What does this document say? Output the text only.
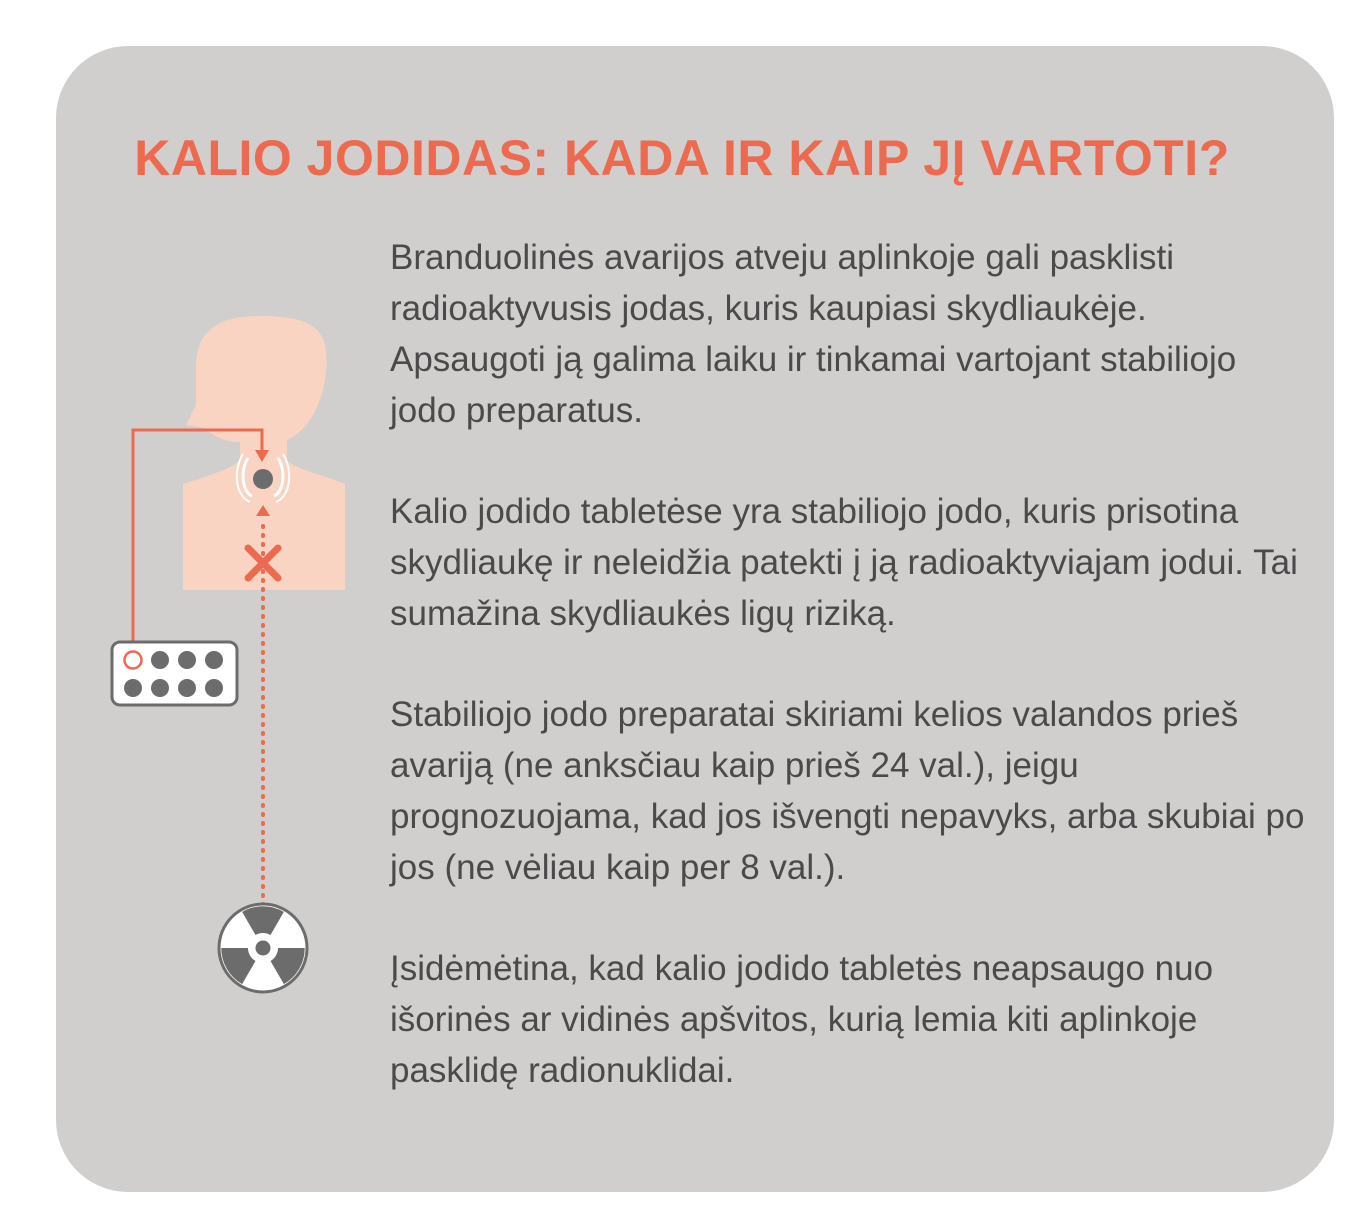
KALIO JODIDAS: KADA IR KAIP JĮ VARTOTI?

Branduolinės avarijos atveju aplinkoje gali pasklisti radioaktyvusis jodas, kuris kaupiasi skydliaukėje. Apsaugoti ją galima laiku ir tinkamai vartojant stabiliojo jodo preparatus.

Kalio jodido tabletėse yra stabiliojo jodo, kuris prisotina skydliaukę ir neleidžia patekti į ją radioaktyviajam jodui. Tai sumažina skydliaukės ligų riziką.

Stabiliojo jodo preparatai skiriami kelios valandos prieš avariją (ne anksčiau kaip prieš 24 val.), jeigu prognozuojama, kad jos išvengti nepavyks, arba skubiai po jos (ne vėliau kaip per 8 val.).

Įsidėmėtina, kad kalio jodido tabletės neapsaugo nuo išorinės ar vidinės apšvitos, kurią lemia kiti aplinkoje pasklidę radionuklidai.
